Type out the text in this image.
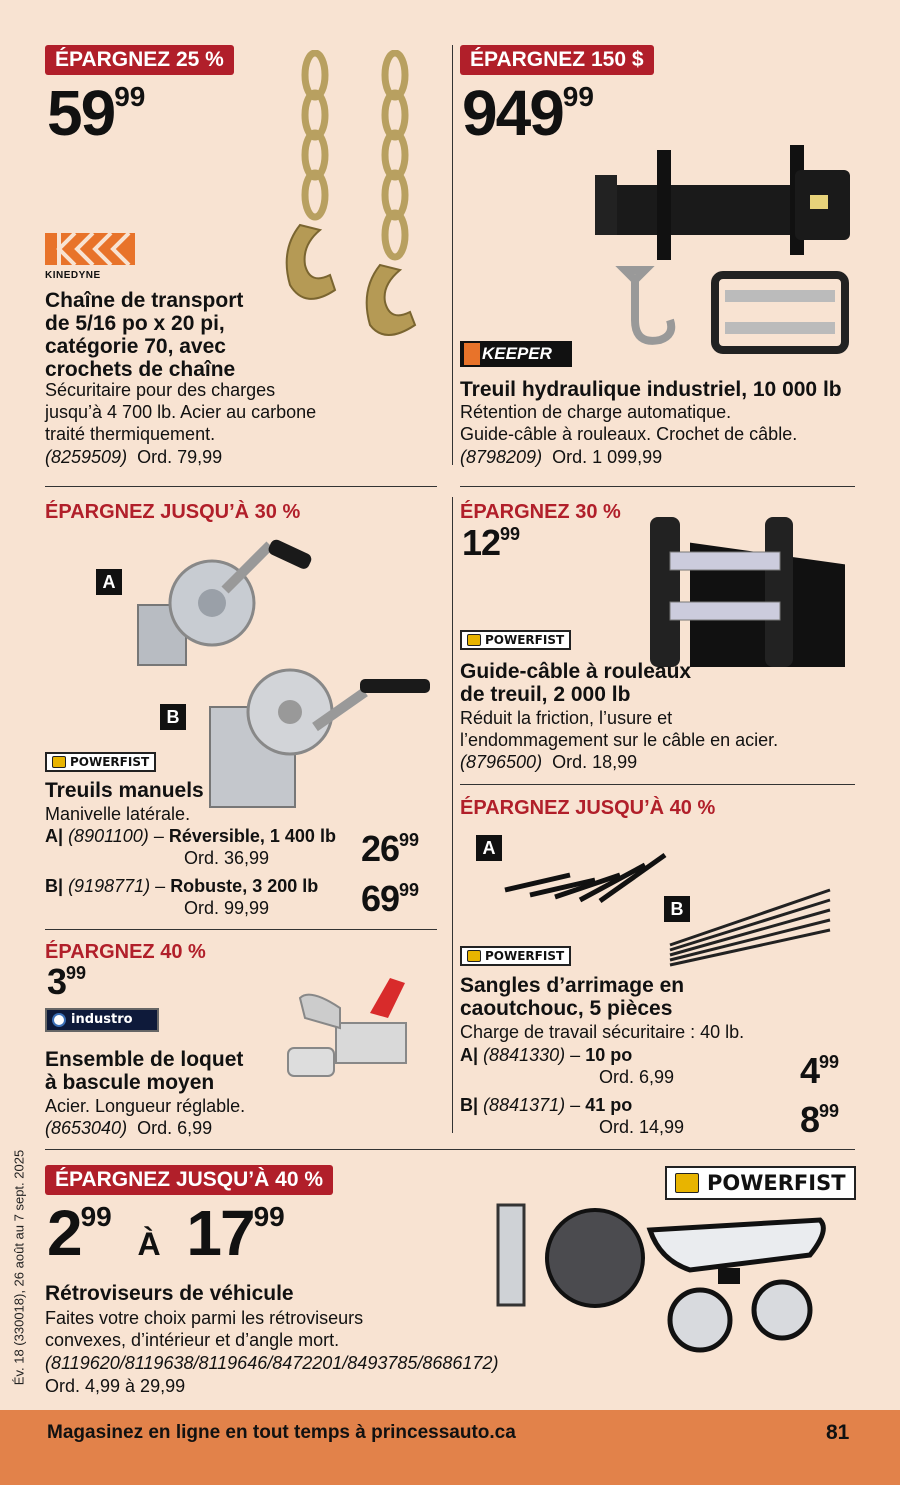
ÉPARGNEZ 25 %
$59^{99}$
KINEDYNE
Chaîne de transport de 5/16 po x 20 pi, catégorie 70, avec crochets de chaîne
Sécuritaire pour des charges jusqu’à 4 700 lb. Acier au carbone traité thermiquement.
(8259509) Ord. 79,99
ÉPARGNEZ 150 $
$949^{99}$
KEEPER
Treuil hydraulique industriel, 10 000 lb
Rétention de charge automatique.
Guide-câble à rouleaux. Crochet de câble.
(8798209) Ord. 1 099,99
ÉPARGNEZ JUSQU’À 30 %
A
B
POWERFIST
Treuils manuels
Manivelle latérale.
A| (8901100) – Réversible, 1 400 lb
Ord. 36,99	$26^{99}$
B| (9198771) – Robuste, 3 200 lb
Ord. 99,99	$69^{99}$
ÉPARGNEZ 30 %
$12^{99}$
POWERFIST
Guide-câble à rouleaux de treuil, 2 000 lb
Réduit la friction, l’usure et l’endommagement sur le câble en acier.
(8796500) Ord. 18,99
ÉPARGNEZ 40 %
$3^{99}$
industro
Ensemble de loquet à bascule moyen
Acier. Longueur réglable.
(8653040) Ord. 6,99
ÉPARGNEZ JUSQU’À 40 %
A
B
POWERFIST
Sangles d’arrimage en caoutchouc, 5 pièces
Charge de travail sécuritaire : 40 lb.
A| (8841330) – 10 po
Ord. 6,99	$4^{99}$
B| (8841371) – 41 po
Ord. 14,99	$8^{99}$
ÉPARGNEZ JUSQU’À 40 %
$2^{99}$ À $17^{99}$
POWERFIST
Rétroviseurs de véhicule
Faites votre choix parmi les rétroviseurs convexes, d’intérieur et d’angle mort.
(8119620/8119638/8119646/8472201/8493785/8686172)
Ord. 4,99 à 29,99
Év. 18 (330018), 26 août au 7 sept. 2025
Magasinez en ligne en tout temps à princessauto.ca	81
